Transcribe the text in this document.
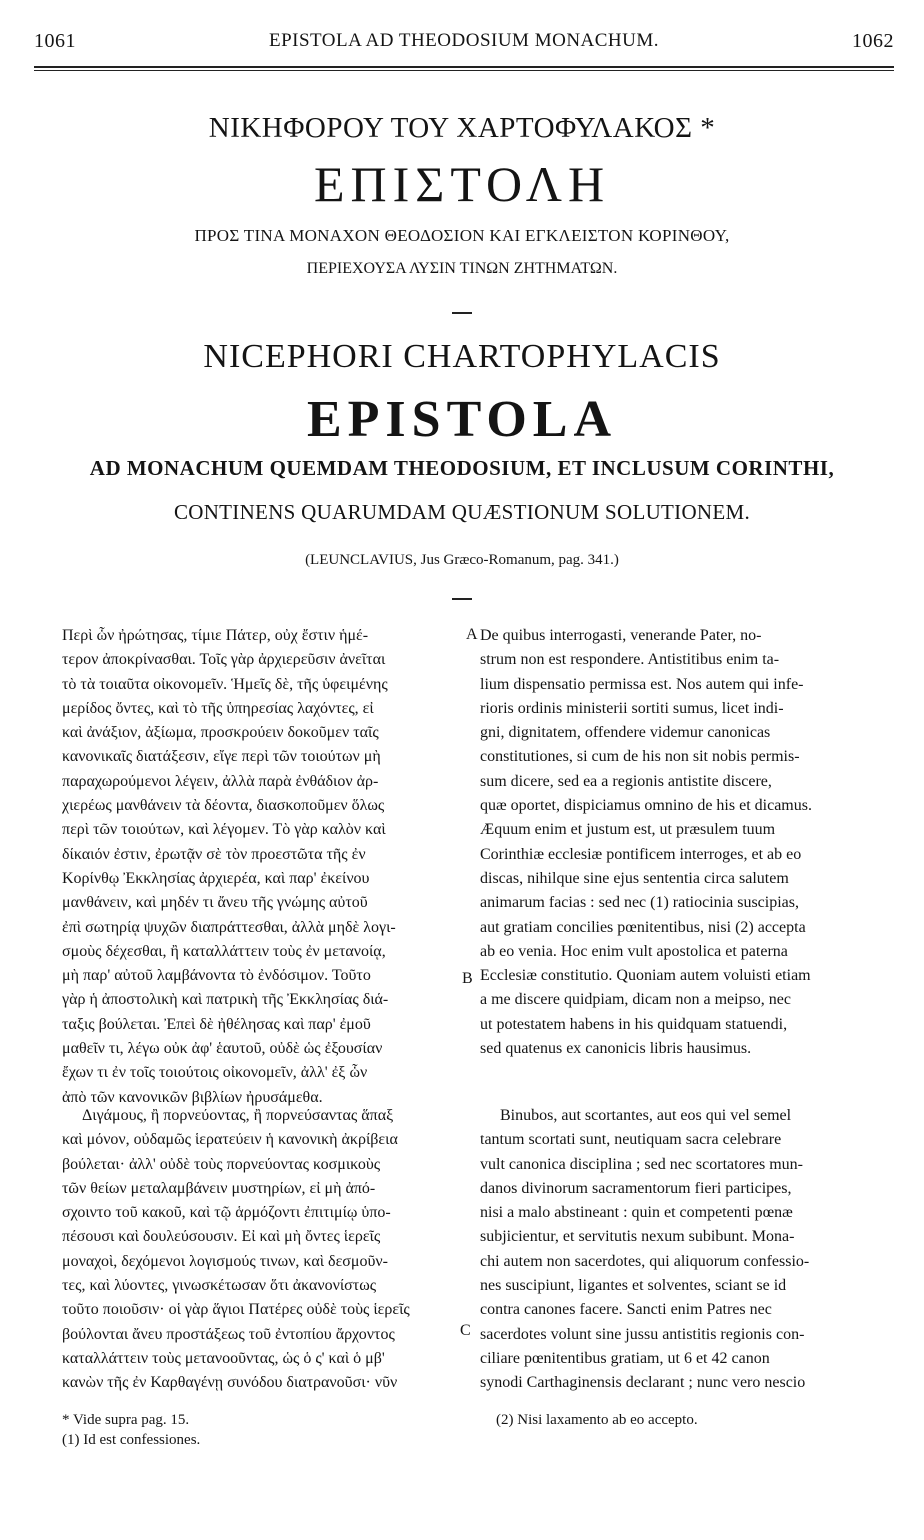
1061	EPISTOLA AD THEODOSIUM MONACHUM.	1062
ΝΙΚΗΦΟΡΟΥ ΤΟΥ ΧΑΡΤΟΦΥΛΑΚΟΣ *
ΕΠΙΣΤΟΛΗ
ΠΡΟΣ ΤΙΝΑ ΜΟΝΑΧΟΝ ΘΕΟΔΟΣΙΟΝ ΚΑΙ ΕΓΚΛΕΙΣΤΟΝ ΚΟΡΙΝΘΟΥ,
ΠΕΡΙΕΧΟΥΣΑ ΛΥΣΙΝ ΤΙΝΩΝ ΖΗΤΗΜΑΤΩΝ.
NICEPHORI CHARTOPHYLACIS
EPISTOLA
AD MONACHUM QUEMDAM THEODOSIUM, ET INCLUSUM CORINTHI,
CONTINENS QUARUMDAM QUÆSTIONUM SOLUTIONEM.
(LEUNCLAVIUS, Jus Græco-Romanum, pag. 341.)
A
B
C

Περὶ ὧν ἠρώτησας, τίμιε Πάτερ, οὐχ ἔστιν ἡμέ-

τερον ἀποκρίνασθαι. Τοῖς γὰρ ἀρχιερεῦσιν ἀνεῖται

τὸ τὰ τοιαῦτα οἰκονομεῖν. Ἡμεῖς δὲ, τῆς ὑφειμένης

μερίδος ὄντες, καὶ τὸ τῆς ὑπηρεσίας λαχόντες, εἰ

καὶ ἀνάξιον, ἀξίωμα, προσκρούειν δοκοῦμεν ταῖς

κανονικαῖς διατάξεσιν, εἴγε περὶ τῶν τοιούτων μὴ

παραχωρούμενοι λέγειν, ἀλλὰ παρὰ ἐνθάδιον ἀρ-

χιερέως μανθάνειν τὰ δέοντα, διασκοποῦμεν ὅλως

περὶ τῶν τοιούτων, καὶ λέγομεν. Τὸ γὰρ καλὸν καὶ

δίκαιόν ἐστιν, ἐρωτᾷν σὲ τὸν προεστῶτα τῆς ἐν

Κορίνθῳ Ἐκκλησίας ἀρχιερέα, καὶ παρ' ἐκείνου

μανθάνειν, καὶ μηδέν τι ἄνευ τῆς γνώμης αὐτοῦ

ἐπὶ σωτηρίᾳ ψυχῶν διαπράττεσθαι, ἀλλὰ μηδὲ λογι-

σμοὺς δέχεσθαι, ἢ καταλλάττειν τοὺς ἐν μετανοίᾳ,

μὴ παρ' αὐτοῦ λαμβάνοντα τὸ ἐνδόσιμον. Τοῦτο

γὰρ ἡ ἀποστολικὴ καὶ πατρικὴ τῆς Ἐκκλησίας διά-

ταξις βούλεται. Ἐπεὶ δὲ ἠθέλησας καὶ παρ' ἐμοῦ

μαθεῖν τι, λέγω οὐκ ἀφ' ἑαυτοῦ, οὐδὲ ὡς ἐξουσίαν

ἔχων τι ἐν τοῖς τοιούτοις οἰκονομεῖν, ἀλλ' ἐξ ὧν

ἀπὸ τῶν κανονικῶν βιβλίων ἠρυσάμεθα.

Διγάμους, ἢ πορνεύοντας, ἢ πορνεύσαντας ἅπαξ

καὶ μόνον, οὐδαμῶς ἱερατεύειν ἡ κανονικὴ ἀκρίβεια

βούλεται· ἀλλ' οὐδὲ τοὺς πορνεύοντας κοσμικοὺς

τῶν θείων μεταλαμβάνειν μυστηρίων, εἰ μὴ ἀπό-

σχοιντο τοῦ κακοῦ, καὶ τῷ ἁρμόζοντι ἐπιτιμίῳ ὑπο-

πέσουσι καὶ δουλεύσουσιν. Εἰ καὶ μὴ ὄντες ἱερεῖς

μοναχοὶ, δεχόμενοι λογισμούς τινων, καὶ δεσμοῦν-

τες, καὶ λύοντες, γινωσκέτωσαν ὅτι ἀκανονίστως

τοῦτο ποιοῦσιν· οἱ γὰρ ἅγιοι Πατέρες οὐδὲ τοὺς ἱερεῖς

βούλονται ἄνευ προστάξεως τοῦ ἐντοπίου ἄρχοντος

καταλλάττειν τοὺς μετανοοῦντας, ὡς ὁ ς' καὶ ὁ μβ'

κανὼν τῆς ἐν Καρθαγένῃ συνόδου διατρανοῦσι· νῦν

De quibus interrogasti, venerande Pater, no-

strum non est respondere. Antistitibus enim ta-

lium dispensatio permissa est. Nos autem qui infe-

rioris ordinis ministerii sortiti sumus, licet indi-

gni, dignitatem, offendere videmur canonicas

constitutiones, si cum de his non sit nobis permis-

sum dicere, sed ea a regionis antistite discere,

quæ oportet, dispiciamus omnino de his et dicamus.

Æquum enim et justum est, ut præsulem tuum

Corinthiæ ecclesiæ pontificem interroges, et ab eo

discas, nihilque sine ejus sententia circa salutem

animarum facias : sed nec (1) ratiocinia suscipias,

aut gratiam concilies pœnitentibus, nisi (2) accepta

ab eo venia. Hoc enim vult apostolica et paterna

Ecclesiæ constitutio. Quoniam autem voluisti etiam

a me discere quidpiam, dicam non a meipso, nec

ut potestatem habens in his quidquam statuendi,

sed quatenus ex canonicis libris hausimus.

Binubos, aut scortantes, aut eos qui vel semel

tantum scortati sunt, neutiquam sacra celebrare

vult canonica disciplina ; sed nec scortatores mun-

danos divinorum sacramentorum fieri participes,

nisi a malo abstineant : quin et competenti pœnæ

subjicientur, et servitutis nexum subibunt. Mona-

chi autem non sacerdotes, qui aliquorum confessio-

nes suscipiunt, ligantes et solventes, sciant se id

contra canones facere. Sancti enim Patres nec

sacerdotes volunt sine jussu antistitis regionis con-

ciliare pœnitentibus gratiam, ut 6 et 42 canon

synodi Carthaginensis declarant ; nunc vero nescio

* Vide supra pag. 15.
(1) Id est confessiones.
(2) Nisi laxamento ab eo accepto.
